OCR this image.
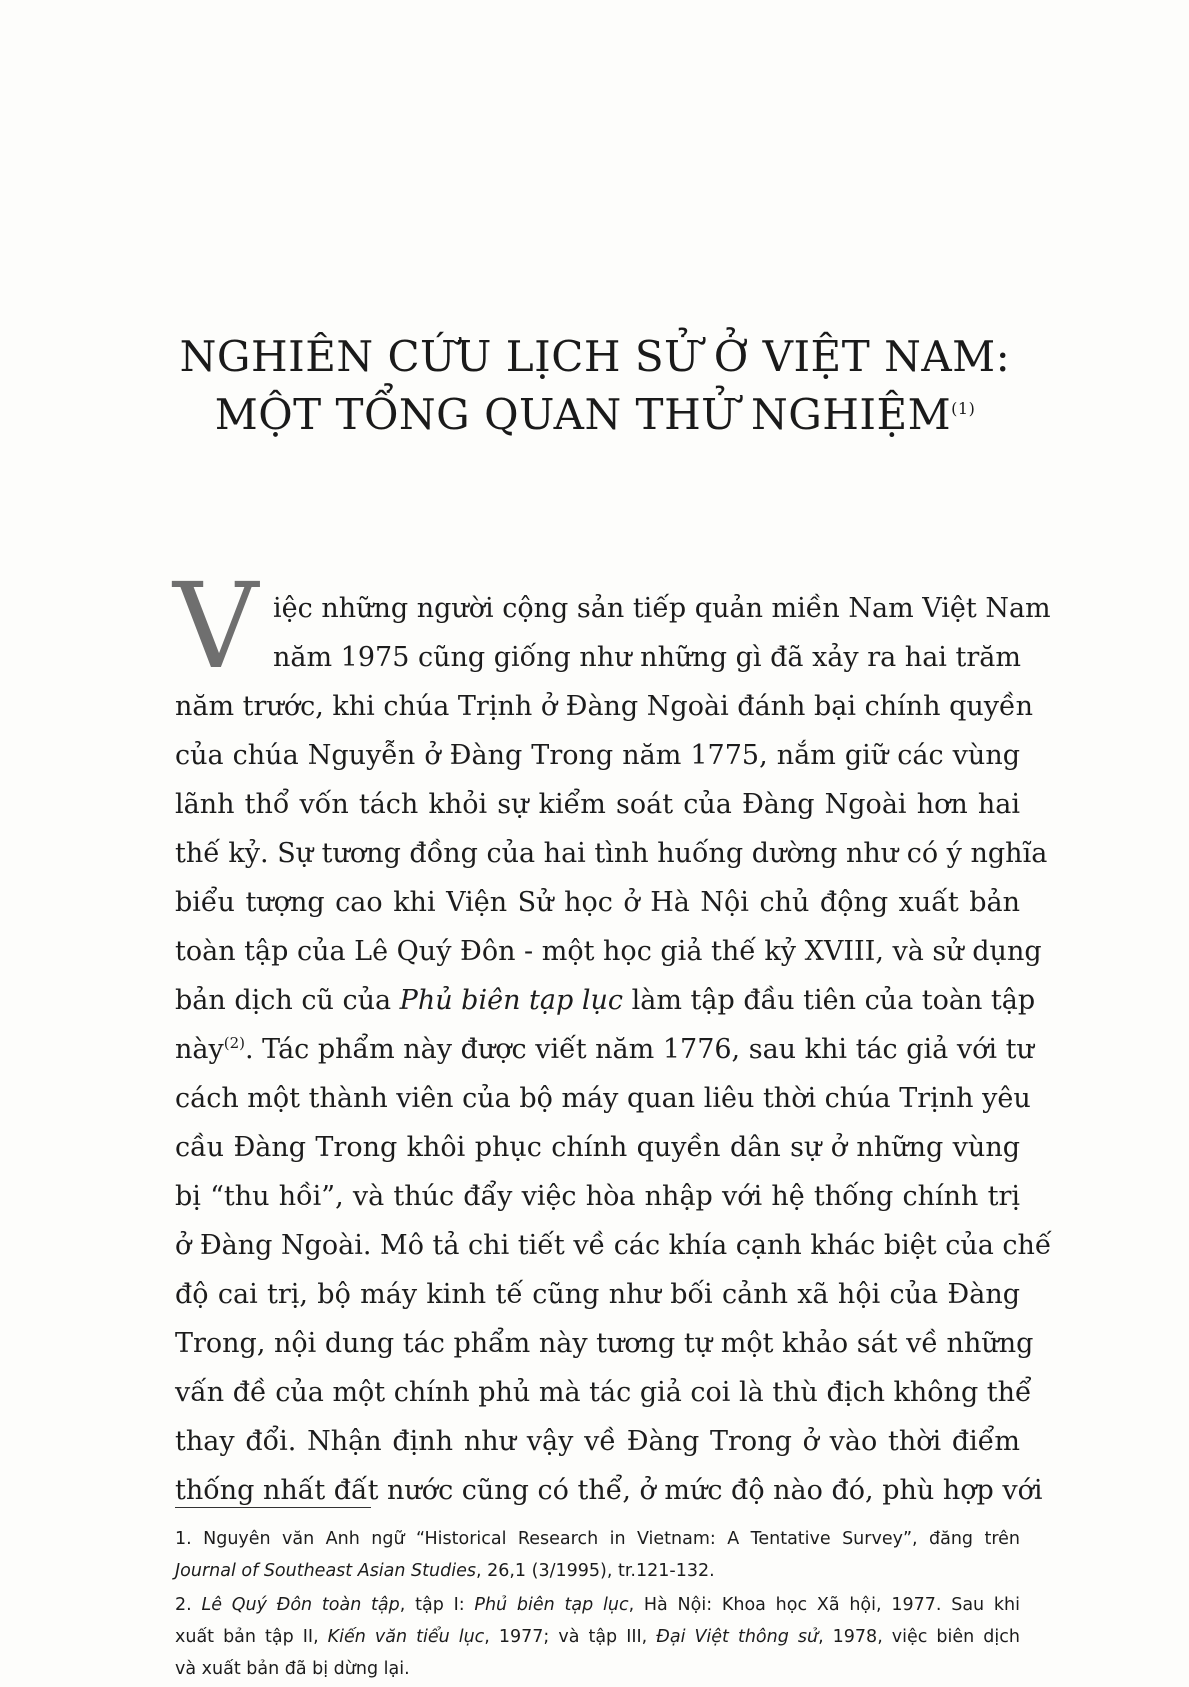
NGHIÊN CỨU LỊCH SỬ Ở VIỆT NAM:
MỘT TỔNG QUAN THỬ NGHIỆM$^{(1)}$
V iệc những người cộng sản tiếp quản miền Nam Việt Nam
năm 1975 cũng giống như những gì đã xảy ra hai trăm
năm trước, khi chúa Trịnh ở Đàng Ngoài đánh bại chính quyền
của chúa Nguyễn ở Đàng Trong năm 1775, nắm giữ các vùng
lãnh thổ vốn tách khỏi sự kiểm soát của Đàng Ngoài hơn hai
thế kỷ. Sự tương đồng của hai tình huống dường như có ý nghĩa
biểu tượng cao khi Viện Sử học ở Hà Nội chủ động xuất bản
toàn tập của Lê Quý Đôn - một học giả thế kỷ XVIII, và sử dụng
bản dịch cũ của Phủ biên tạp lục làm tập đầu tiên của toàn tập
này$^{(2)}$. Tác phẩm này được viết năm 1776, sau khi tác giả với tư
cách một thành viên của bộ máy quan liêu thời chúa Trịnh yêu
cầu Đàng Trong khôi phục chính quyền dân sự ở những vùng
bị “thu hồi”, và thúc đẩy việc hòa nhập với hệ thống chính trị
ở Đàng Ngoài. Mô tả chi tiết về các khía cạnh khác biệt của chế
độ cai trị, bộ máy kinh tế cũng như bối cảnh xã hội của Đàng
Trong, nội dung tác phẩm này tương tự một khảo sát về những
vấn đề của một chính phủ mà tác giả coi là thù địch không thể
thay đổi. Nhận định như vậy về Đàng Trong ở vào thời điểm
thống nhất đất nước cũng có thể, ở mức độ nào đó, phù hợp với
1. Nguyên văn Anh ngữ “Historical Research in Vietnam: A Tentative Survey”, đăng trên
Journal of Southeast Asian Studies, 26,1 (3/1995), tr.121-132.
2. Lê Quý Đôn toàn tập, tập I: Phủ biên tạp lục, Hà Nội: Khoa học Xã hội, 1977. Sau khi
xuất bản tập II, Kiến văn tiểu lục, 1977; và tập III, Đại Việt thông sử, 1978, việc biên dịch
và xuất bản đã bị dừng lại.
